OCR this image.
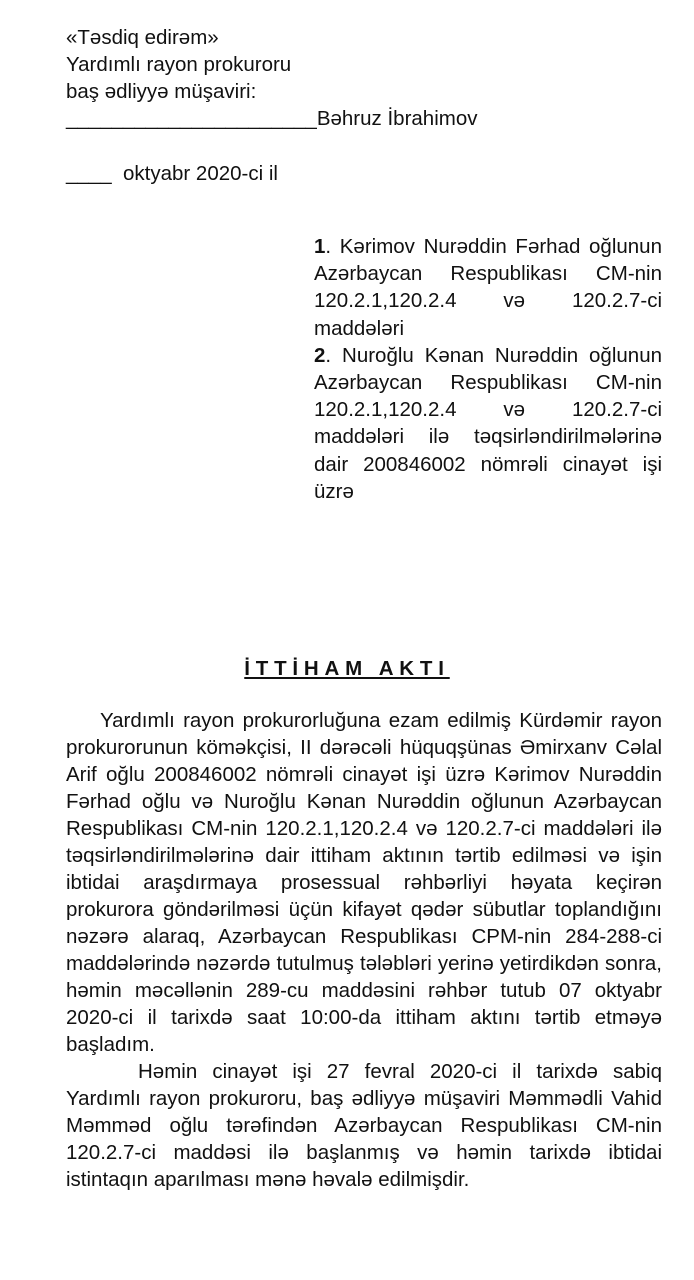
«Təsdiq edirəm»
Yardımlı rayon prokuroru
baş ədliyyə müşaviri:
______________________Bəhruz İbrahimov
____ oktyabr 2020-ci il
1. Kərimov Nurəddin Fərhad oğlunun Azərbaycan Respublikası CM-nin 120.2.1,120.2.4 və 120.2.7-ci maddələri
2. Nuroğlu Kənan Nurəddin oğlunun Azərbaycan Respublikası CM-nin 120.2.1,120.2.4 və 120.2.7-ci maddələri ilə təqsirləndirilmələrinə dair 200846002 nömrəli cinayət işi üzrə
İTTİHAM AKTI

Yardımlı rayon prokurorluğuna ezam edilmiş Kürdəmir rayon prokurorunun köməkçisi, II dərəcəli hüquqşünas Əmirxanv Cəlal Arif oğlu 200846002 nömrəli cinayət işi üzrə Kərimov Nurəddin Fərhad oğlu və Nuroğlu Kənan Nurəddin oğlunun Azərbaycan Respublikası CM-nin 120.2.1,120.2.4 və 120.2.7-ci maddələri ilə təqsirləndirilmələrinə dair ittiham aktının tərtib edilməsi və işin ibtidai araşdırmaya prosessual rəhbərliyi həyata keçirən prokurora göndərilməsi üçün kifayət qədər sübutlar toplandığını nəzərə alaraq, Azərbaycan Respublikası CPM-nin 284-288-ci maddələrində nəzərdə tutulmuş tələbləri yerinə yetirdikdən sonra, həmin məcəllənin 289-cu maddəsini rəhbər tutub 07 oktyabr 2020-ci il tarixdə saat 10:00-da ittiham aktını tərtib etməyə başladım.

Həmin cinayət işi 27 fevral 2020-ci il tarixdə sabiq Yardımlı rayon prokuroru, baş ədliyyə müşaviri Məmmədli Vahid Məmməd oğlu tərəfindən Azərbaycan Respublikası CM-nin 120.2.7-ci maddəsi ilə başlanmış və həmin tarixdə ibtidai istintaqın aparılması mənə həvalə edilmişdir.
